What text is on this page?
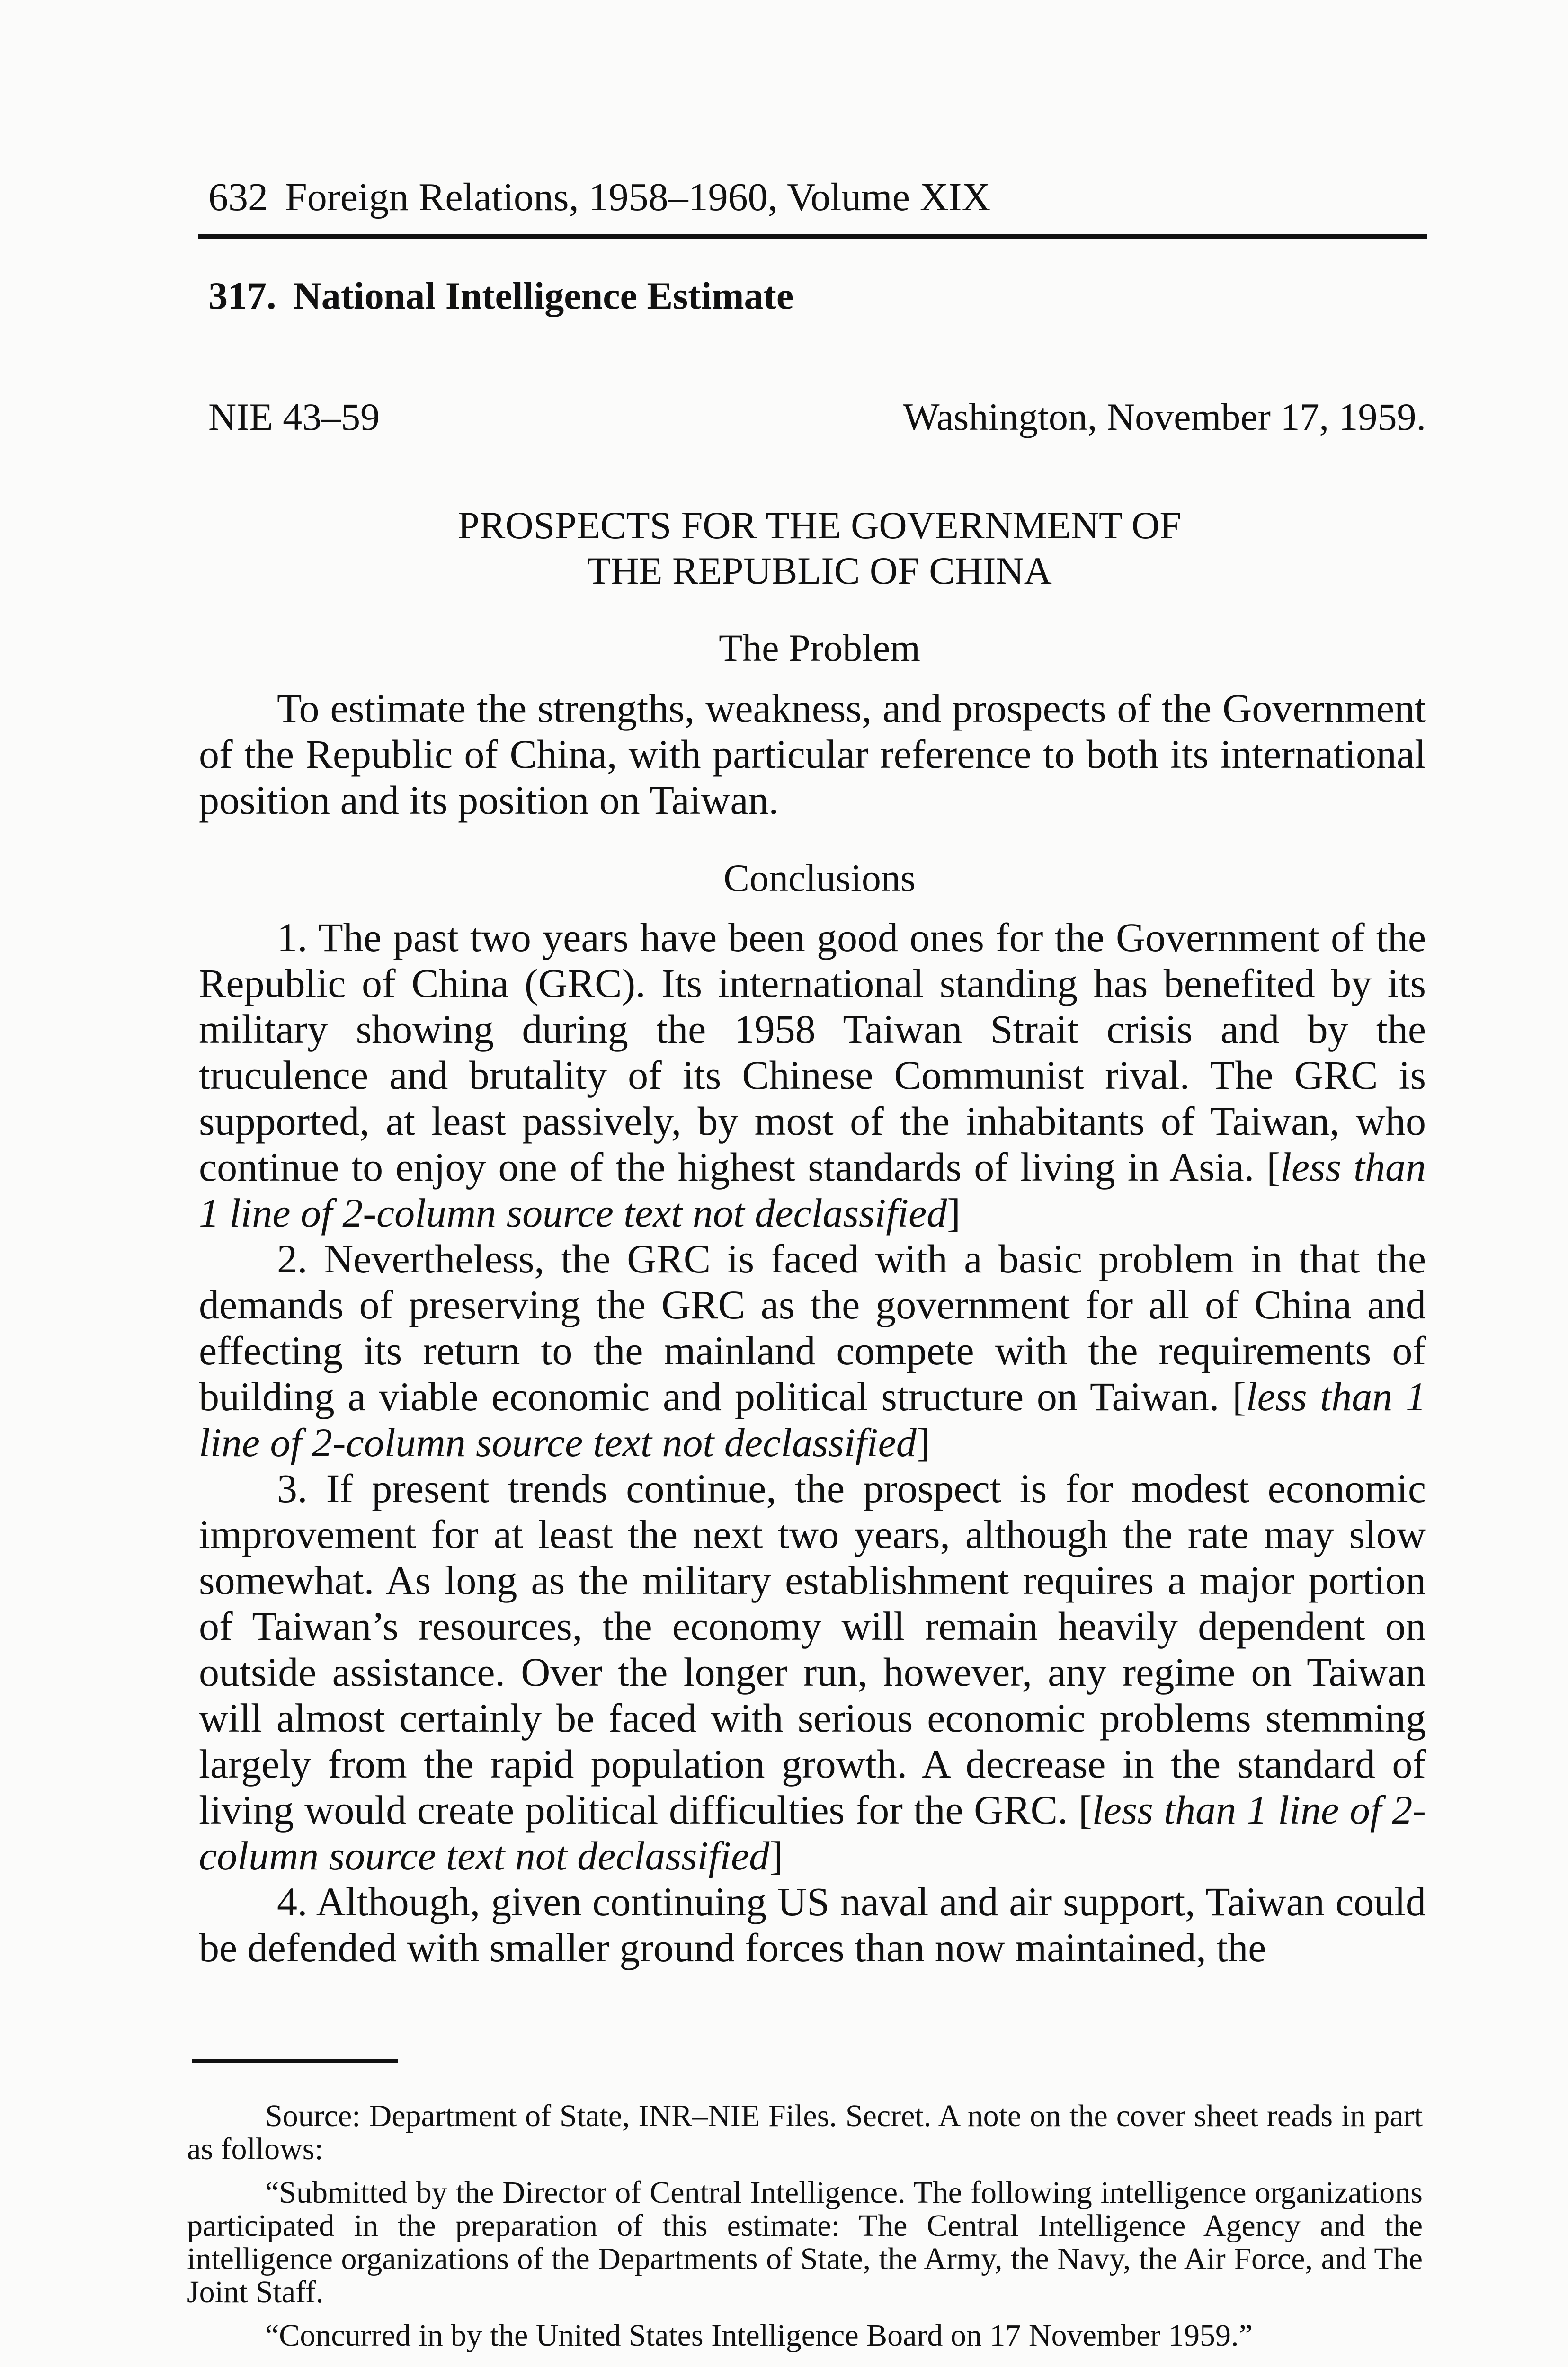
632 Foreign Relations, 1958–1960, Volume XIX
317. National Intelligence Estimate
NIE 43–59	Washington, November 17, 1959.
PROSPECTS FOR THE GOVERNMENT OF
THE REPUBLIC OF CHINA
The Problem

To estimate the strengths, weakness, and prospects of the Government of the Republic of China, with particular reference to both its international position and its position on Taiwan.

Conclusions

1. The past two years have been good ones for the Government of the Republic of China (GRC). Its international standing has benefited by its military showing during the 1958 Taiwan Strait crisis and by the truculence and brutality of its Chinese Communist rival. The GRC is supported, at least passively, by most of the inhabitants of Taiwan, who continue to enjoy one of the highest standards of living in Asia. [less than 1 line of 2-column source text not declassified]

2. Nevertheless, the GRC is faced with a basic problem in that the demands of preserving the GRC as the government for all of China and effecting its return to the mainland compete with the requirements of building a viable economic and political structure on Taiwan. [less than 1 line of 2-column source text not declassified]

3. If present trends continue, the prospect is for modest economic improvement for at least the next two years, although the rate may slow somewhat. As long as the military establishment requires a major portion of Taiwan’s resources, the economy will remain heavily dependent on outside assistance. Over the longer run, however, any regime on Taiwan will almost certainly be faced with serious economic problems stemming largely from the rapid population growth. A decrease in the standard of living would create political difficulties for the GRC. [less than 1 line of 2-column source text not declassified]

4. Although, given continuing US naval and air support, Taiwan could be defended with smaller ground forces than now maintained, the

Source: Department of State, INR–NIE Files. Secret. A note on the cover sheet reads in part as follows:

“Submitted by the Director of Central Intelligence. The following intelligence organizations participated in the preparation of this estimate: The Central Intelligence Agency and the intelligence organizations of the Departments of State, the Army, the Navy, the Air Force, and The Joint Staff.

“Concurred in by the United States Intelligence Board on 17 November 1959.”
